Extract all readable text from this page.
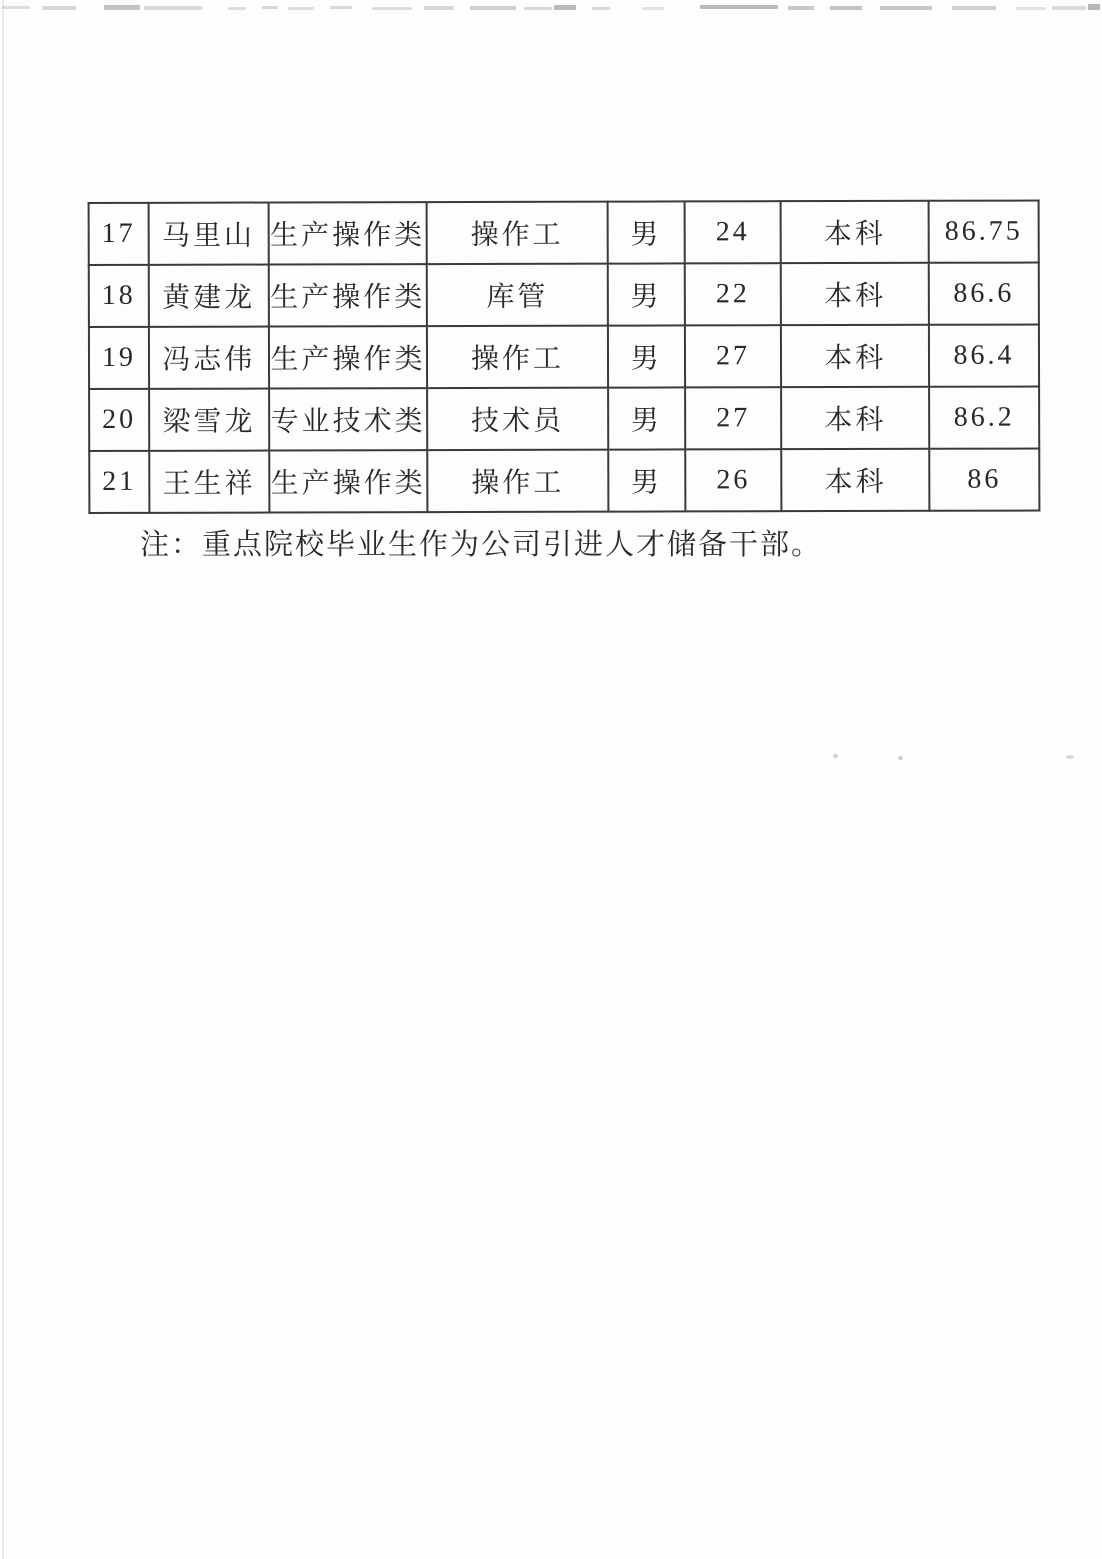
17	马里山	生产操作类	操作工	男	24	本科	86.75
18	黄建龙	生产操作类	库管	男	22	本科	86.6
19	冯志伟	生产操作类	操作工	男	27	本科	86.4
20	梁雪龙	专业技术类	技术员	男	27	本科	86.2
21	王生祥	生产操作类	操作工	男	26	本科	86
注：重点院校毕业生作为公司引进人才储备干部。
